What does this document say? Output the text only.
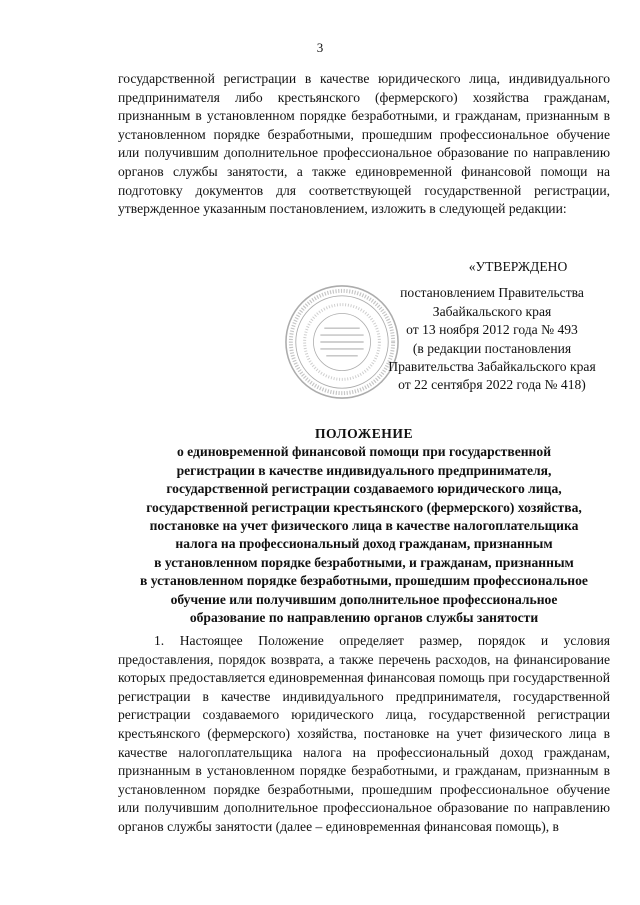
3

государственной регистрации в качестве юридического лица, индивидуального предпринимателя либо крестьянского (фермерского) хозяйства гражданам, признанным в установленном порядке безработными, и гражданам, признанным в установленном порядке безработными, прошедшим профессиональное обучение или получившим дополнительное профессиональное образование по направлению органов службы занятости, а также единовременной финансовой помощи на подготовку документов для соответствующей государственной регистрации, утвержденное указанным постановлением, изложить в следующей редакции:

«УТВЕРЖДЕНО
постановлением Правительства
Забайкальского края
от 13 ноября 2012 года № 493
(в редакции постановления
Правительства Забайкальского края
от 22 сентября 2022 года № 418)
ПОЛОЖЕНИЕ
о единовременной финансовой помощи при государственной
регистрации в качестве индивидуального предпринимателя,
государственной регистрации создаваемого юридического лица,
государственной регистрации крестьянского (фермерского) хозяйства,
постановке на учет физического лица в качестве налогоплательщика
налога на профессиональный доход гражданам, признанным
в установленном порядке безработными, и гражданам, признанным
в установленном порядке безработными, прошедшим профессиональное
обучение или получившим дополнительное профессиональное
образование по направлению органов службы занятости

1. Настоящее Положение определяет размер, порядок и условия предоставления, порядок возврата, а также перечень расходов, на финансирование которых предоставляется единовременная финансовая помощь при государственной регистрации в качестве индивидуального предпринимателя, государственной регистрации создаваемого юридического лица, государственной регистрации крестьянского (фермерского) хозяйства, постановке на учет физического лица в качестве налогоплательщика налога на профессиональный доход гражданам, признанным в установленном порядке безработными, и гражданам, признанным в установленном порядке безработными, прошедшим профессиональное обучение или получившим дополнительное профессиональное образование по направлению органов службы занятости (далее – единовременная финансовая помощь), в
